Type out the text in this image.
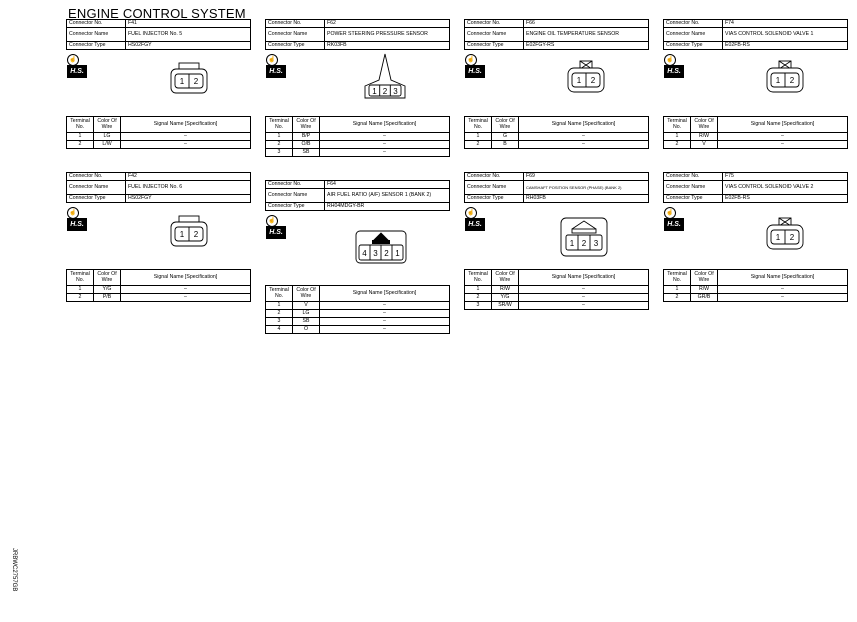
ENGINE CONTROL SYSTEM
Connector No.	F41
Connector Name	FUEL INJECTOR No. 5
Connector Type	HS02FGY
☝
H.S.
1 2
Terminal No.	Color Of Wire	Signal Name [Specification]
1	LG	–
2	L/W	–
Connector No.	F62
Connector Name	POWER STEERING PRESSURE SENSOR
Connector Type	RK03FB
☝
H.S.
1 2 3
Terminal No.	Color Of Wire	Signal Name [Specification]
1	B/P	–
2	O/B	–
3	SB	–
Connector No.	F66
Connector Name	ENGINE OIL TEMPERATURE SENSOR
Connector Type	E02FGY-RS
☝
H.S.
1 2
Terminal No.	Color Of Wire	Signal Name [Specification]
1	G	–
2	B	–
Connector No.	F74
Connector Name	VIAS CONTROL SOLENOID VALVE 1
Connector Type	E02FB-RS
☝
H.S.
1 2
Terminal No.	Color Of Wire	Signal Name [Specification]
1	R/W	–
2	V	–
Connector No.	F42
Connector Name	FUEL INJECTOR No. 6
Connector Type	HS02FGY
☝
H.S.
1 2
Terminal No.	Color Of Wire	Signal Name [Specification]
1	Y/G	–
2	P/B	–
Connector No.	F64
Connector Name	AIR FUEL RATIO (A/F) SENSOR 1 (BANK 2)
Connector Type	RH04MDGY-BR
☝
H.S.
4 3 2 1
Terminal No.	Color Of Wire	Signal Name [Specification]
1	V	–
2	LG	–
3	SB	–
4	O	–
Connector No.	F69
Connector Name	CAMSHAFT POSITION SENSOR (PHASE) (BANK 2)
Connector Type	RH03FB
☝
H.S.
1 2 3
Terminal No.	Color Of Wire	Signal Name [Specification]
1	R/W	–
2	Y/G	–
3	SR/W	–
Connector No.	F75
Connector Name	VIAS CONTROL SOLENOID VALVE 2
Connector Type	E02FB-RS
☝
H.S.
1 2
Terminal No.	Color Of Wire	Signal Name [Specification]
1	R/W	–
2	GR/B	–
JRBWC2757GB
